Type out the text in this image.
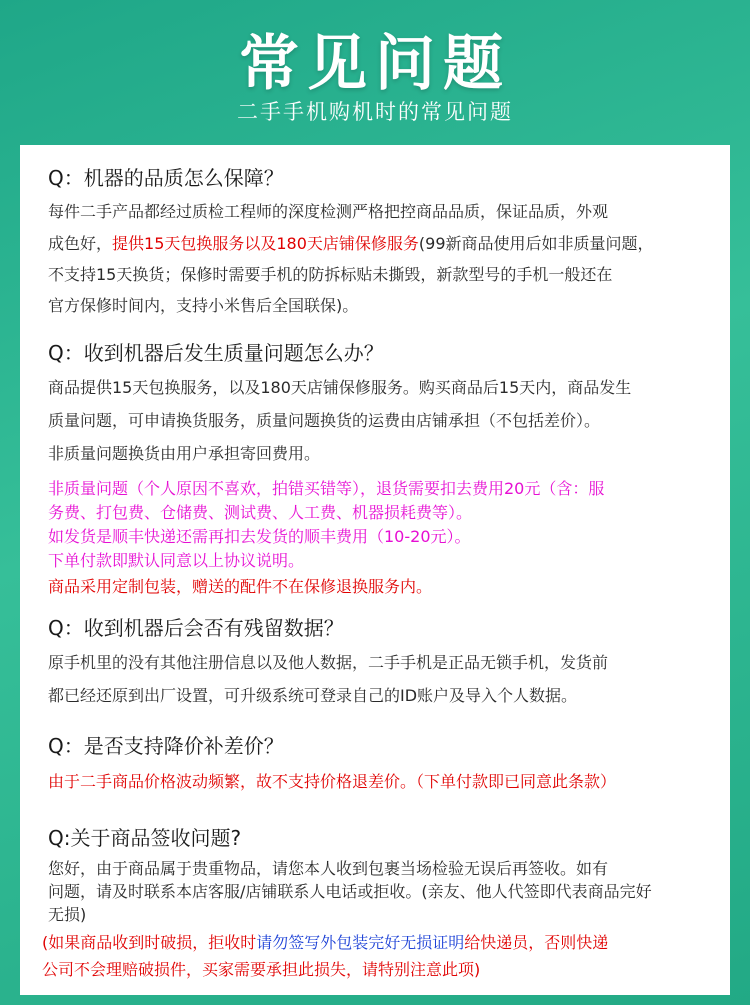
常见问题
二手手机购机时的常见问题
Q：机器的品质怎么保障？
每件二手产品都经过质检工程师的深度检测严格把控商品品质，保证品质，外观
成色好，提供15天包换服务以及180天店铺保修服务(99新商品使用后如非质量问题，
不支持15天换货；保修时需要手机的防拆标贴未撕毁，新款型号的手机一般还在
官方保修时间内，支持小米售后全国联保)。
Q：收到机器后发生质量问题怎么办？
商品提供15天包换服务，以及180天店铺保修服务。购买商品后15天内，商品发生
质量问题，可申请换货服务，质量问题换货的运费由店铺承担（不包括差价）。
非质量问题换货由用户承担寄回费用。
非质量问题（个人原因不喜欢，拍错买错等），退货需要扣去费用20元（含：服
务费、打包费、仓储费、测试费、人工费、机器损耗费等）。
如发货是顺丰快递还需再扣去发货的顺丰费用（10-20元）。
下单付款即默认同意以上协议说明。
商品采用定制包装，赠送的配件不在保修退换服务内。
Q：收到机器后会否有残留数据？
原手机里的没有其他注册信息以及他人数据，二手手机是正品无锁手机，发货前
都已经还原到出厂设置，可升级系统可登录自己的ID账户及导入个人数据。
Q：是否支持降价补差价？
由于二手商品价格波动频繁，故不支持价格退差价。（下单付款即已同意此条款）
Q:关于商品签收问题?
您好，由于商品属于贵重物品，请您本人收到包裹当场检验无误后再签收。如有
问题，请及时联系本店客服/店铺联系人电话或拒收。(亲友、他人代签即代表商品完好
无损)
(如果商品收到时破损，拒收时请勿签写外包装完好无损证明给快递员，否则快递
公司不会理赔破损件，买家需要承担此损失，请特别注意此项)
